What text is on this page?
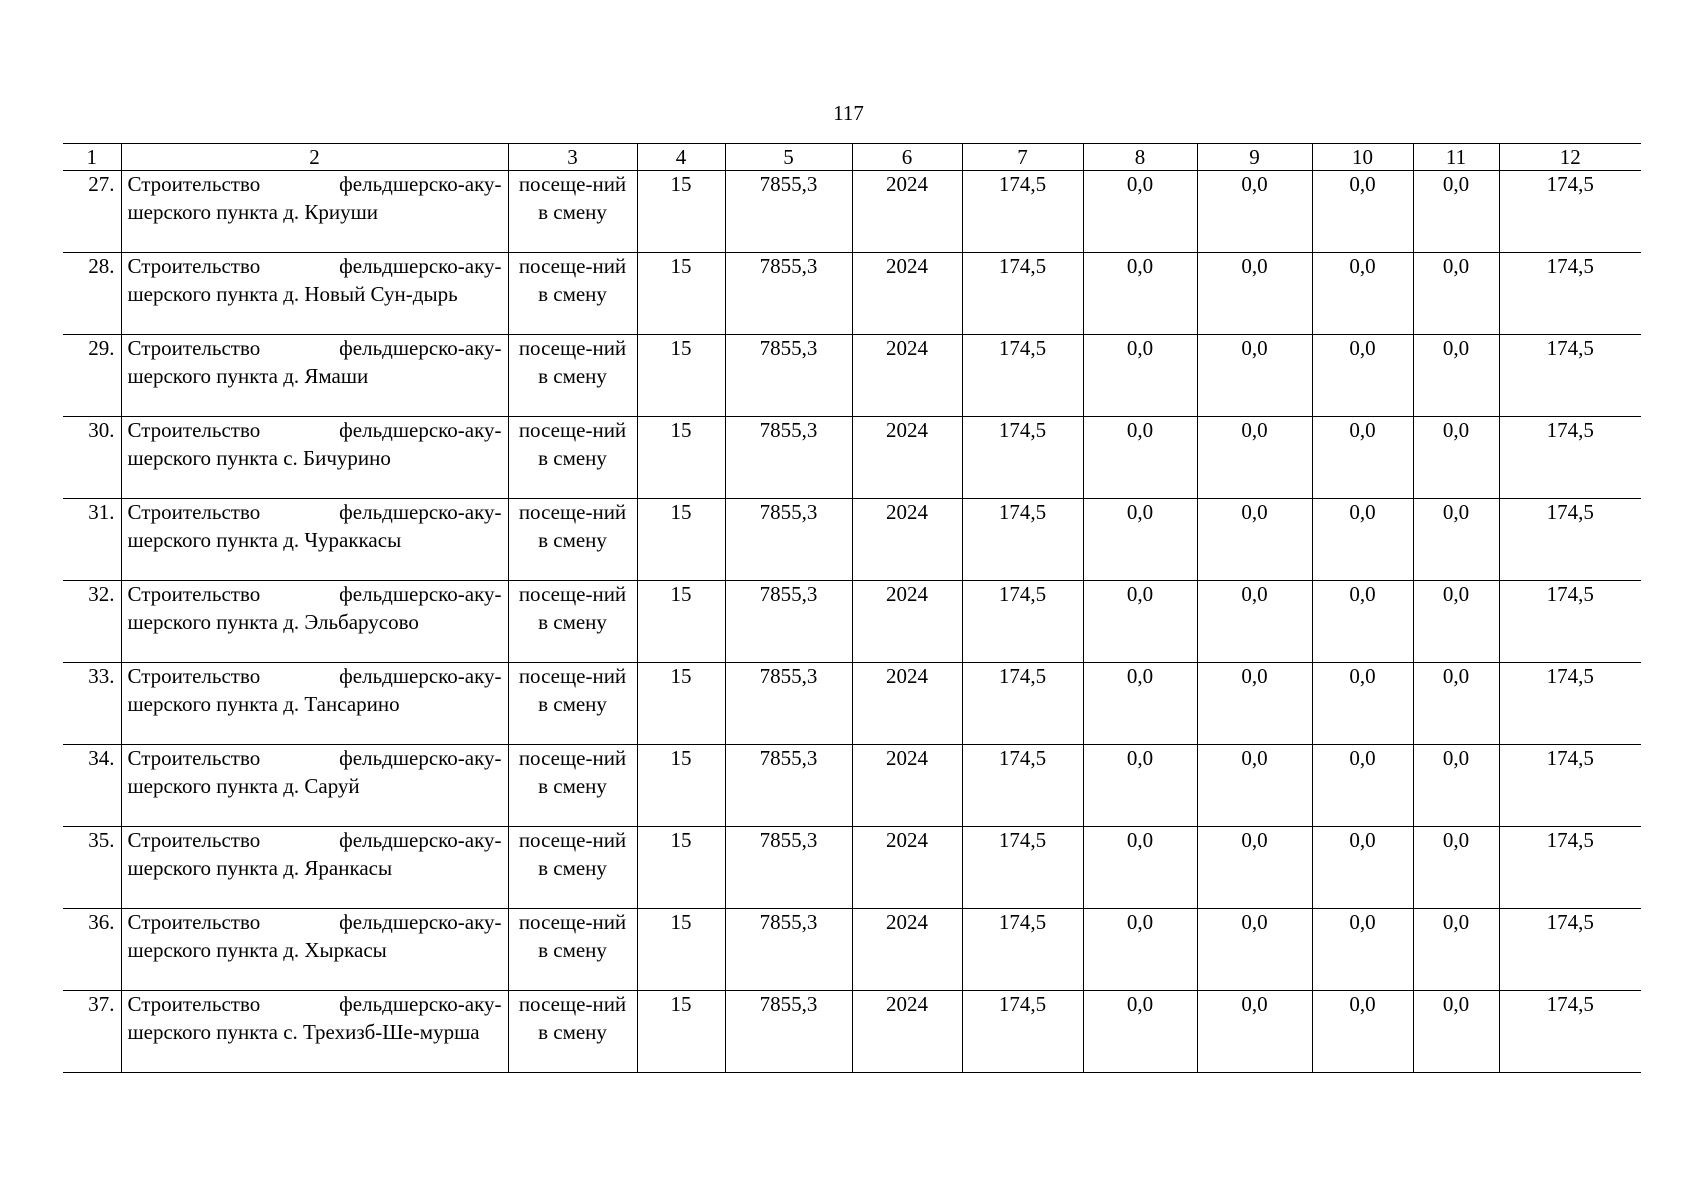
117
1	2	3	4	5	6	7	8	9	10	11	12
27.	Строительство фельдшерско-аку-шерского пункта д. Криуши	посеще-ний в смену	15	7855,3	2024	174,5	0,0	0,0	0,0	0,0	174,5
28.	Строительство фельдшерско-аку-шерского пункта д. Новый Сун-дырь	посеще-ний в смену	15	7855,3	2024	174,5	0,0	0,0	0,0	0,0	174,5
29.	Строительство фельдшерско-аку-шерского пункта д. Ямаши	посеще-ний в смену	15	7855,3	2024	174,5	0,0	0,0	0,0	0,0	174,5
30.	Строительство фельдшерско-аку-шерского пункта с. Бичурино	посеще-ний в смену	15	7855,3	2024	174,5	0,0	0,0	0,0	0,0	174,5
31.	Строительство фельдшерско-аку-шерского пункта д. Чураккасы	посеще-ний в смену	15	7855,3	2024	174,5	0,0	0,0	0,0	0,0	174,5
32.	Строительство фельдшерско-аку-шерского пункта д. Эльбарусово	посеще-ний в смену	15	7855,3	2024	174,5	0,0	0,0	0,0	0,0	174,5
33.	Строительство фельдшерско-аку-шерского пункта д. Тансарино	посеще-ний в смену	15	7855,3	2024	174,5	0,0	0,0	0,0	0,0	174,5
34.	Строительство фельдшерско-аку-шерского пункта д. Саруй	посеще-ний в смену	15	7855,3	2024	174,5	0,0	0,0	0,0	0,0	174,5
35.	Строительство фельдшерско-аку-шерского пункта д. Яранкасы	посеще-ний в смену	15	7855,3	2024	174,5	0,0	0,0	0,0	0,0	174,5
36.	Строительство фельдшерско-аку-шерского пункта д. Хыркасы	посеще-ний в смену	15	7855,3	2024	174,5	0,0	0,0	0,0	0,0	174,5
37.	Строительство фельдшерско-аку-шерского пункта с. Трехизб-Ше-мурша	посеще-ний в смену	15	7855,3	2024	174,5	0,0	0,0	0,0	0,0	174,5
